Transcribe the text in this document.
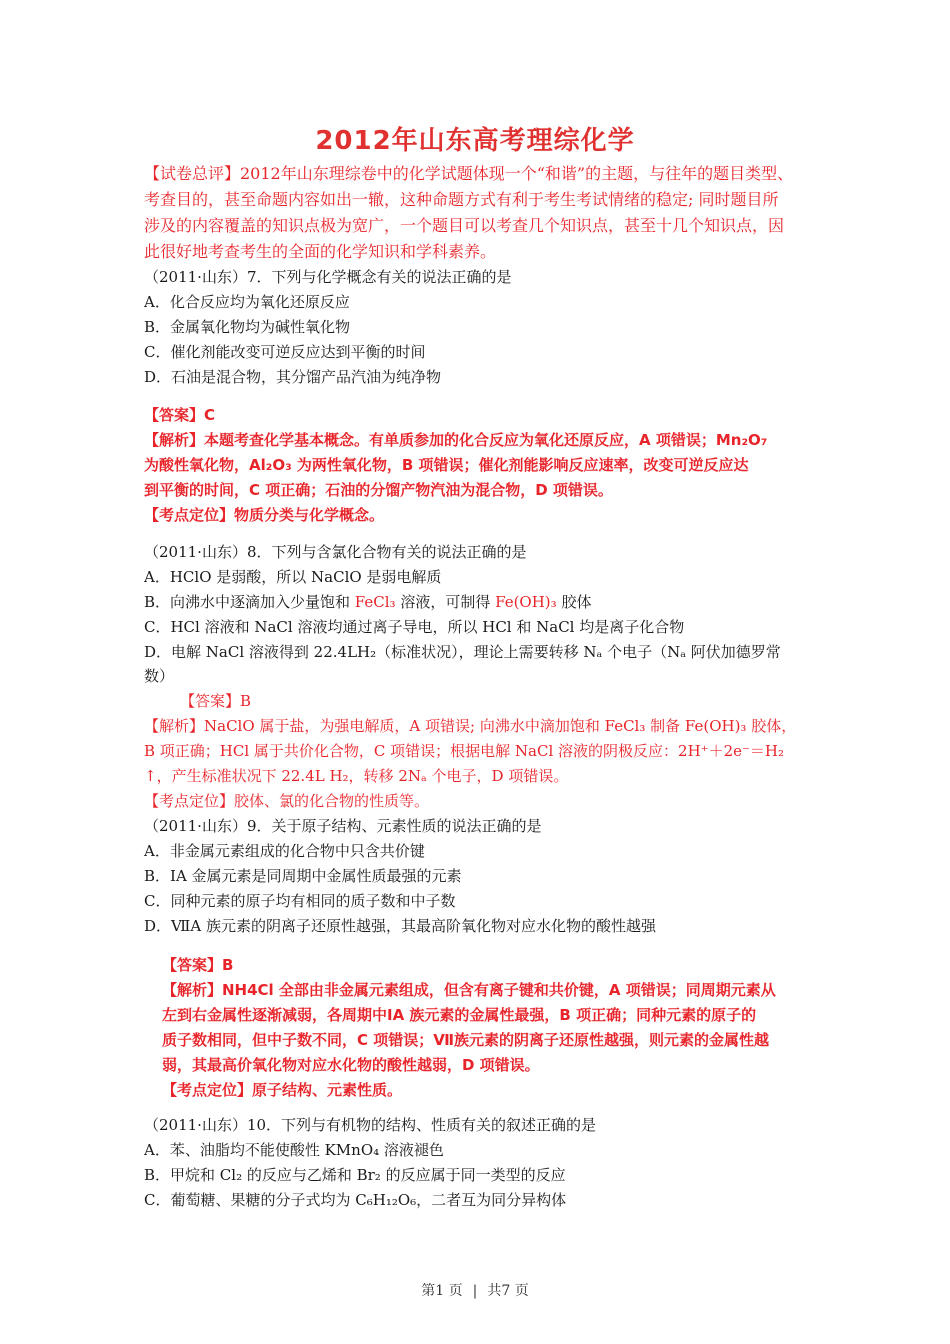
2012年山东高考理综化学
【试卷总评】2012年山东理综卷中的化学试题体现一个“和谐”的主题，与往年的题目类型、
考查目的，甚至命题内容如出一辙，这种命题方式有利于考生考试情绪的稳定; 同时题目所
涉及的内容覆盖的知识点极为宽广，一个题目可以考查几个知识点，甚至十几个知识点，因
此很好地考查考生的全面的化学知识和学科素养。
（2011·山东）7．下列与化学概念有关的说法正确的是
A．化合反应均为氧化还原反应
B．金属氧化物均为碱性氧化物
C．催化剂能改变可逆反应达到平衡的时间
D．石油是混合物，其分馏产品汽油为纯净物
【答案】C
【解析】本题考查化学基本概念。有单质参加的化合反应为氧化还原反应，A 项错误；Mn₂O₇
为酸性氧化物，Al₂O₃ 为两性氧化物，B 项错误；催化剂能影响反应速率，改变可逆反应达
到平衡的时间，C 项正确；石油的分馏产物汽油为混合物，D 项错误。
【考点定位】物质分类与化学概念。
（2011·山东）8．下列与含氯化合物有关的说法正确的是
A．HClO 是弱酸，所以 NaClO 是弱电解质
B．向沸水中逐滴加入少量饱和 FeCl₃ 溶液，可制得 Fe(OH)₃ 胶体
C．HCl 溶液和 NaCl 溶液均通过离子导电，所以 HCl 和 NaCl 均是离子化合物
D．电解 NaCl 溶液得到 22.4LH₂（标准状况），理论上需要转移 Nₐ 个电子（Nₐ 阿伏加德罗常
数）
【答案】B
【解析】NaClO 属于盐，为强电解质，A 项错误; 向沸水中滴加饱和 FeCl₃ 制备 Fe(OH)₃ 胶体，
B 项正确；HCl 属于共价化合物，C 项错误；根据电解 NaCl 溶液的阴极反应：2H⁺＋2e⁻＝H₂
↑，产生标准状况下 22.4L H₂，转移 2Nₐ 个电子，D 项错误。
【考点定位】胶体、氯的化合物的性质等。
（2011·山东）9．关于原子结构、元素性质的说法正确的是
A．非金属元素组成的化合物中只含共价键
B．ⅠA 金属元素是同周期中金属性质最强的元素
C．同种元素的原子均有相同的质子数和中子数
D．ⅦA 族元素的阴离子还原性越强，其最高阶氧化物对应水化物的酸性越强
【答案】B
【解析】NH4Cl 全部由非金属元素组成，但含有离子键和共价键，A 项错误；同周期元素从
左到右金属性逐渐减弱，各周期中ⅠA 族元素的金属性最强，B 项正确；同种元素的原子的
质子数相同，但中子数不同，C 项错误；Ⅶ族元素的阴离子还原性越强，则元素的金属性越
弱，其最高价氧化物对应水化物的酸性越弱，D 项错误。
【考点定位】原子结构、元素性质。
（2011·山东）10．下列与有机物的结构、性质有关的叙述正确的是
A．苯、油脂均不能使酸性 KMnO₄ 溶液褪色
B．甲烷和 Cl₂ 的反应与乙烯和 Br₂ 的反应属于同一类型的反应
C．葡萄糖、果糖的分子式均为 C₆H₁₂O₆，二者互为同分异构体
第1 页 | 共7 页
